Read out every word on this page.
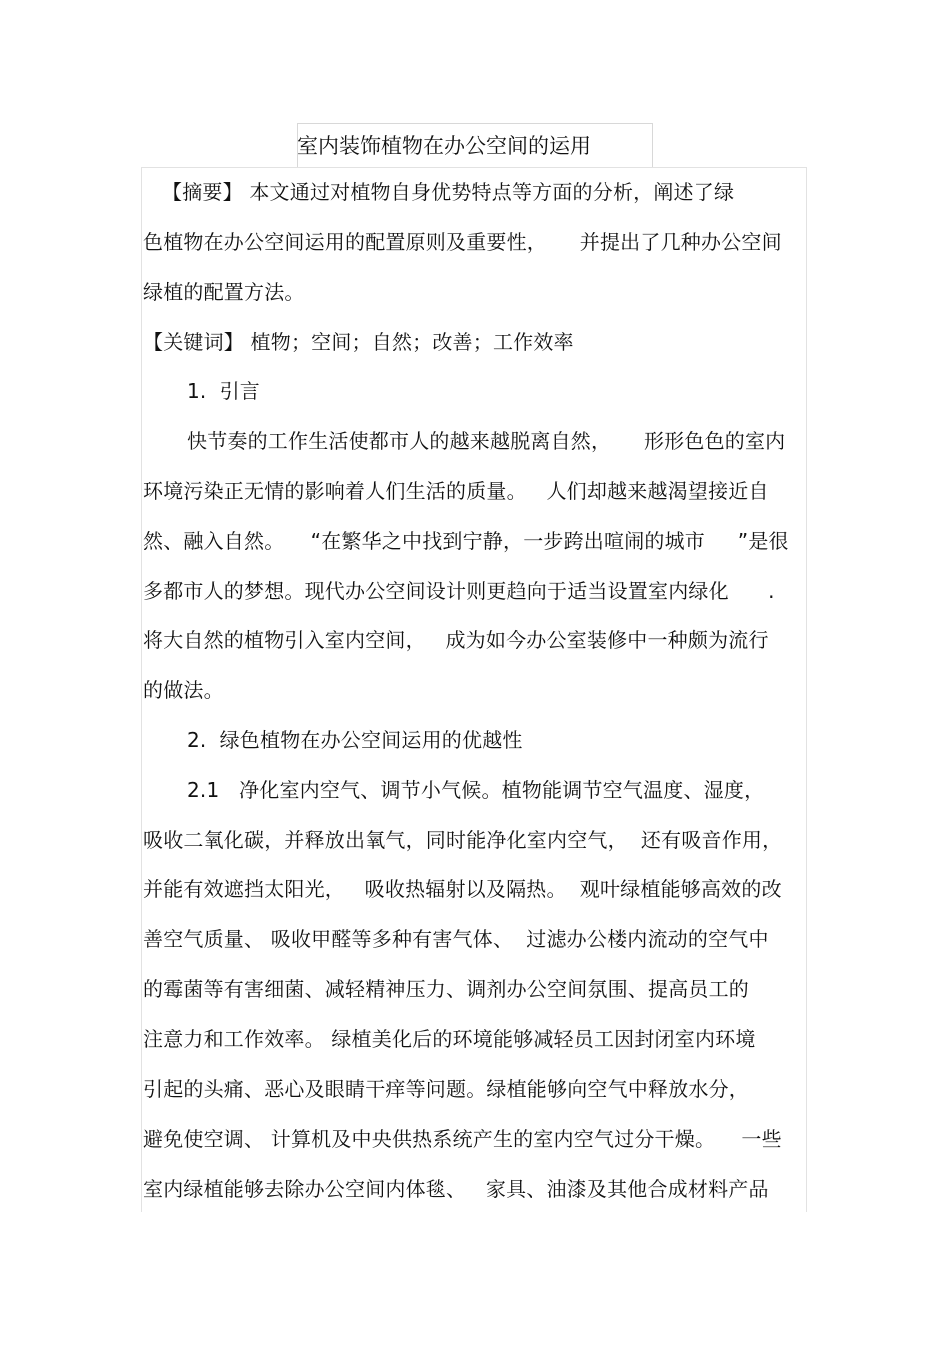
室内装饰植物在办公空间的运用
【摘要】 本文通过对植物自身优势特点等方面的分析，阐述了绿
色植物在办公空间运用的配置原则及重要性，     并提出了几种办公空间
绿植的配置方法。
【关键词】 植物；空间；自然；改善；工作效率
1.  引言
快节奏的工作生活使都市人的越来越脱离自然，     形形色色的室内
环境污染正无情的影响着人们生活的质量。   人们却越来越渴望接近自
然、融入自然。    “在繁华之中找到宁静，一步跨出喧闹的城市     ”是很
多都市人的梦想。现代办公空间设计则更趋向于适当设置室内绿化      .
将大自然的植物引入室内空间，   成为如今办公室装修中一种颇为流行
的做法。
2.  绿色植物在办公空间运用的优越性
2.1   净化室内空气、调节小气候。植物能调节空气温度、湿度，
吸收二氧化碳，并释放出氧气，同时能净化室内空气，  还有吸音作用，
并能有效遮挡太阳光，   吸收热辐射以及隔热。  观叶绿植能够高效的改
善空气质量、 吸收甲醛等多种有害气体、  过滤办公楼内流动的空气中
的霉菌等有害细菌、减轻精神压力、调剂办公空间氛围、提高员工的
注意力和工作效率。 绿植美化后的环境能够减轻员工因封闭室内环境
引起的头痛、恶心及眼睛干痒等问题。绿植能够向空气中释放水分，
避免使空调、 计算机及中央供热系统产生的室内空气过分干燥。    一些
室内绿植能够去除办公空间内体毯、   家具、油漆及其他合成材料产品
